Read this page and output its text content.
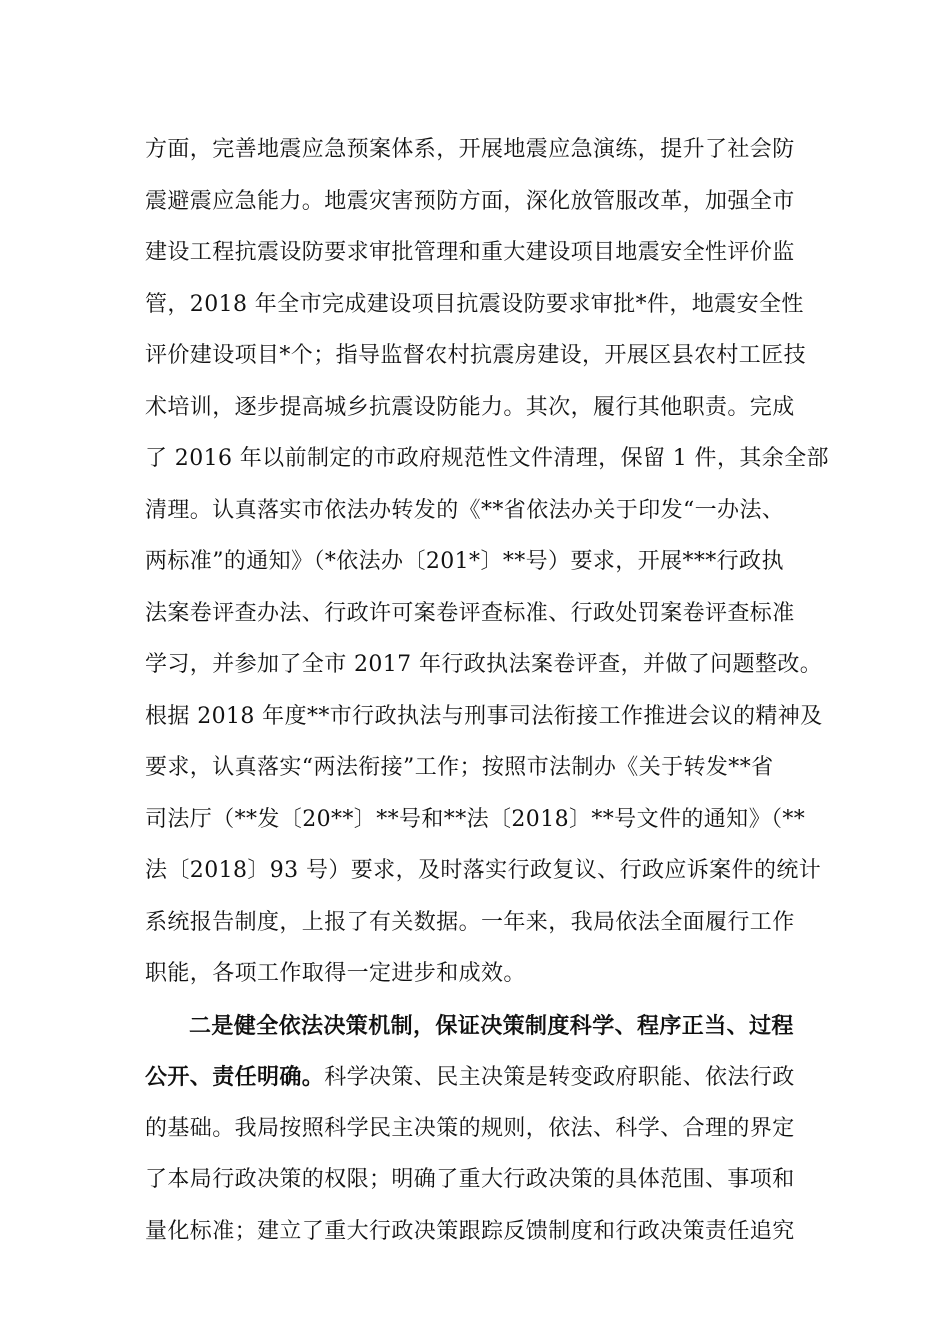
方面，完善地震应急预案体系，开展地震应急演练，提升了社会防
震避震应急能力。地震灾害预防方面，深化放管服改革，加强全市
建设工程抗震设防要求审批管理和重大建设项目地震安全性评价监
管，2018 年全市完成建设项目抗震设防要求审批*件，地震安全性
评价建设项目*个；指导监督农村抗震房建设，开展区县农村工匠技
术培训，逐步提高城乡抗震设防能力。其次，履行其他职责。完成
了 2016 年以前制定的市政府规范性文件清理，保留 1 件，其余全部
清理。认真落实市依法办转发的《**省依法办关于印发“一办法、
两标准”的通知》（*依法办〔201*〕**号）要求，开展***行政执
法案卷评查办法、行政许可案卷评查标准、行政处罚案卷评查标准
学习，并参加了全市 2017 年行政执法案卷评查，并做了问题整改。
根据 2018 年度**市行政执法与刑事司法衔接工作推进会议的精神及
要求，认真落实“两法衔接”工作；按照市法制办《关于转发**省
司法厅（**发〔20**〕**号和**法〔2018〕**号文件的通知》（**
法〔2018〕93 号）要求，及时落实行政复议、行政应诉案件的统计
系统报告制度，上报了有关数据。一年来，我局依法全面履行工作
职能，各项工作取得一定进步和成效。
二是健全依法决策机制，保证决策制度科学、程序正当、过程
公开、责任明确。科学决策、民主决策是转变政府职能、依法行政
的基础。我局按照科学民主决策的规则，依法、科学、合理的界定
了本局行政决策的权限；明确了重大行政决策的具体范围、事项和
量化标准；建立了重大行政决策跟踪反馈制度和行政决策责任追究
